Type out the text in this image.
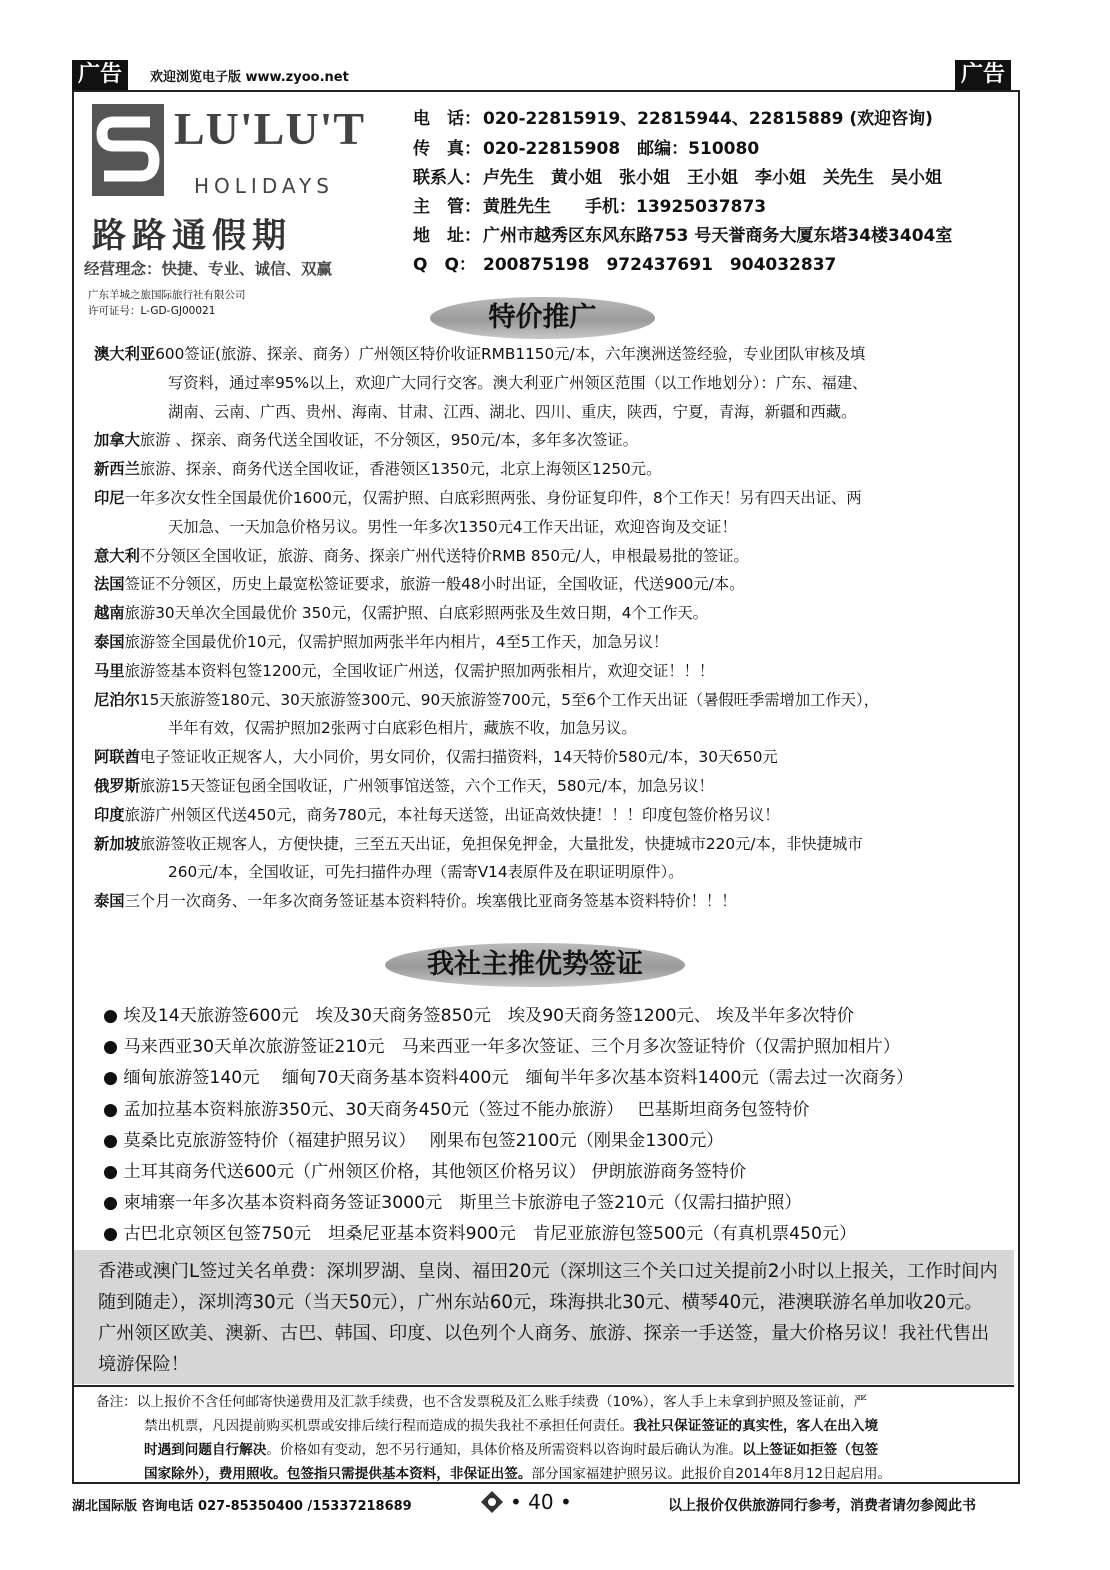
广告	欢迎浏览电子版 www.zyoo.net	广告
LU'LU'T
HOLIDAYS
路路通假期
经营理念：快捷、专业、诚信、双赢
广东羊城之旅国际旅行社有限公司
许可证号：L-GD-GJ00021
电　话： 020-22815919、22815944、22815889 (欢迎咨询)
传　真： 020-22815908　邮编：510080
联系人： 卢先生　黄小姐　张小姐　王小姐　李小姐　关先生　吴小姐
主　管： 黄胜先生　　手机：13925037873
地　址： 广州市越秀区东风东路753 号天誉商务大厦东塔34楼3404室
Q　Q： 200875198　972437691　904032837
特价推广
澳大利亚600签证(旅游、探亲、商务）广州领区特价收证RMB1150元/本，六年澳洲送签经验，专业团队审核及填
写资料，通过率95%以上，欢迎广大同行交客。澳大利亚广州领区范围（以工作地划分）：广东、福建、
湖南、云南、广西、贵州、海南、甘肃、江西、湖北、四川、重庆，陕西，宁夏，青海，新疆和西藏。
加拿大旅游 、探亲、商务代送全国收证，不分领区，950元/本，多年多次签证。
新西兰旅游、探亲、商务代送全国收证，香港领区1350元，北京上海领区1250元。
印尼一年多次女性全国最优价1600元，仅需护照、白底彩照两张、身份证复印件，8个工作天！另有四天出证、两
天加急、一天加急价格另议。男性一年多次1350元4工作天出证，欢迎咨询及交证！
意大利不分领区全国收证，旅游、商务、探亲广州代送特价RMB 850元/人，申根最易批的签证。
法国签证不分领区，历史上最宽松签证要求，旅游一般48小时出证，全国收证，代送900元/本。
越南旅游30天单次全国最优价 350元，仅需护照、白底彩照两张及生效日期，4个工作天。
泰国旅游签全国最优价10元，仅需护照加两张半年内相片，4至5工作天，加急另议！
马里旅游签基本资料包签1200元，全国收证广州送，仅需护照加两张相片，欢迎交证！！！
尼泊尔15天旅游签180元、30天旅游签300元、90天旅游签700元，5至6个工作天出证（暑假旺季需增加工作天），
半年有效，仅需护照加2张两寸白底彩色相片，藏族不收，加急另议。
阿联酋电子签证收正规客人，大小同价，男女同价，仅需扫描资料，14天特价580元/本，30天650元
俄罗斯旅游15天签证包函全国收证，广州领事馆送签，六个工作天，580元/本，加急另议！
印度旅游广州领区代送450元，商务780元，本社每天送签，出证高效快捷！！！印度包签价格另议！
新加坡旅游签收正规客人，方便快捷，三至五天出证，免担保免押金，大量批发，快捷城市220元/本，非快捷城市
260元/本，全国收证，可先扫描件办理（需寄V14表原件及在职证明原件）。
泰国三个月一次商务、一年多次商务签证基本资料特价。埃塞俄比亚商务签基本资料特价！！！
我社主推优势签证
● 埃及14天旅游签600元　埃及30天商务签850元　埃及90天商务签1200元、 埃及半年多次特价
● 马来西亚30天单次旅游签证210元　马来西亚一年多次签证、三个月多次签证特价（仅需护照加相片）
● 缅甸旅游签140元　 缅甸70天商务基本资料400元　缅甸半年多次基本资料1400元（需去过一次商务）
● 孟加拉基本资料旅游350元、30天商务450元（签过不能办旅游）　 巴基斯坦商务包签特价
● 莫桑比克旅游签特价（福建护照另议）　 刚果布包签2100元（刚果金1300元）
● 土耳其商务代送600元（广州领区价格，其他领区价格另议） 伊朗旅游商务签特价
● 柬埔寨一年多次基本资料商务签证3000元　斯里兰卡旅游电子签210元（仅需扫描护照）
● 古巴北京领区包签750元　坦桑尼亚基本资料900元　肯尼亚旅游包签500元（有真机票450元）
香港或澳门L签过关名单费：深圳罗湖、皇岗、福田20元（深圳这三个关口过关提前2小时以上报关，工作时间内随到随走），深圳湾30元（当天50元），广州东站60元，珠海拱北30元、横琴40元，港澳联游名单加收20元。广州领区欧美、澳新、古巴、韩国、印度、以色列个人商务、旅游、探亲一手送签，量大价格另议！我社代售出境游保险！
备注：以上报价不含任何邮寄快递费用及汇款手续费，也不含发票税及汇么账手续费（10%），客人手上未拿到护照及签证前，严
禁出机票，凡因提前购买机票或安排后续行程而造成的损失我社不承担任何责任。我社只保证签证的真实性，客人在出入境
时遇到问题自行解决。价格如有变动，恕不另行通知，具体价格及所需资料以咨询时最后确认为准。以上签证如拒签（包签
国家除外），费用照收。包签指只需提供基本资料，非保证出签。部分国家福建护照另议。此报价自2014年8月12日起启用。
湖北国际版 咨询电话 027-85350400 /15337218689	• 40 •	以上报价仅供旅游同行参考，消费者请勿参阅此书
